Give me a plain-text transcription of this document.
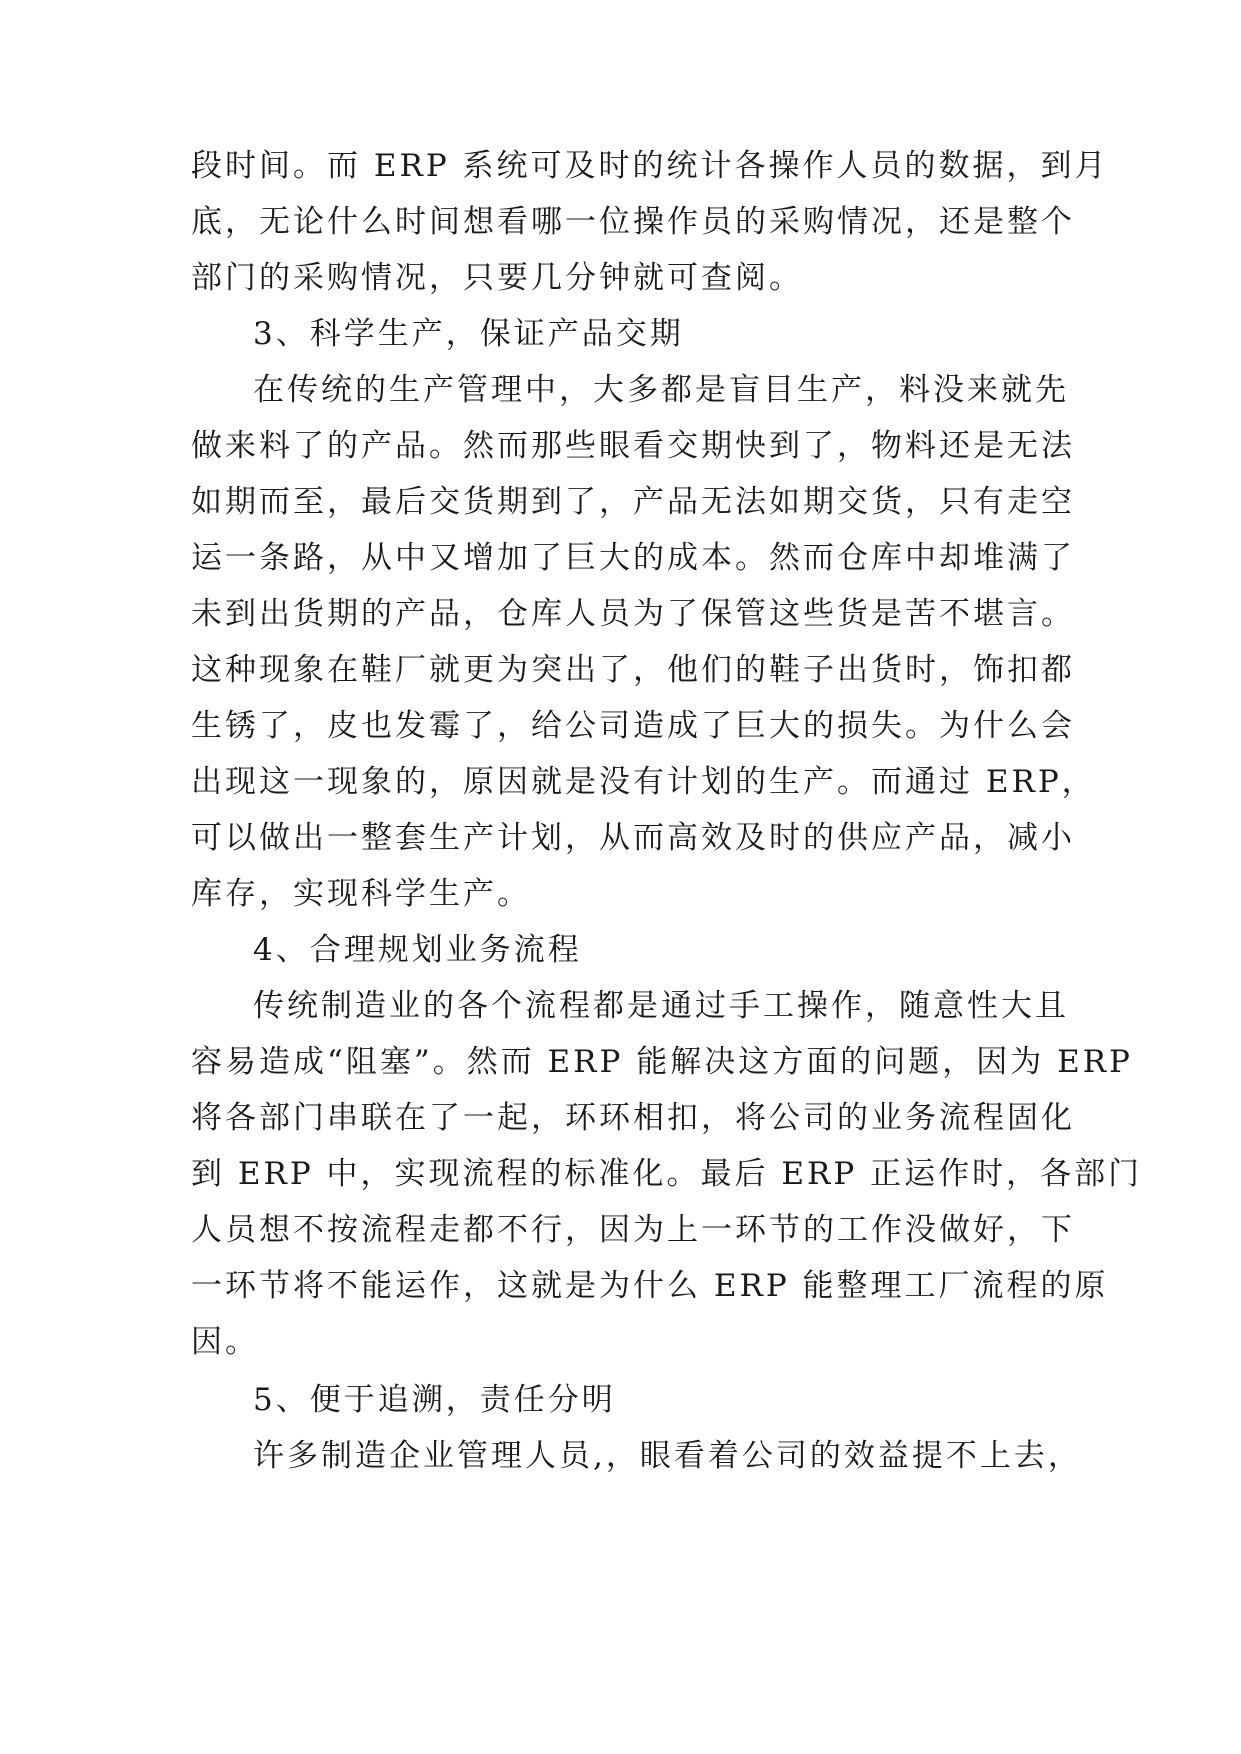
段时间。而 ERP 系统可及时的统计各操作人员的数据，到月
底，无论什么时间想看哪一位操作员的采购情况，还是整个
部门的采购情况，只要几分钟就可查阅。
3、科学生产，保证产品交期
在传统的生产管理中，大多都是盲目生产，料没来就先
做来料了的产品。然而那些眼看交期快到了，物料还是无法
如期而至，最后交货期到了，产品无法如期交货，只有走空
运一条路，从中又增加了巨大的成本。然而仓库中却堆满了
未到出货期的产品，仓库人员为了保管这些货是苦不堪言。
这种现象在鞋厂就更为突出了，他们的鞋子出货时，饰扣都
生锈了，皮也发霉了，给公司造成了巨大的损失。为什么会
出现这一现象的，原因就是没有计划的生产。而通过 ERP，
可以做出一整套生产计划，从而高效及时的供应产品，减小
库存，实现科学生产。
4、合理规划业务流程
传统制造业的各个流程都是通过手工操作，随意性大且
容易造成“阻塞”。然而 ERP 能解决这方面的问题，因为 ERP
将各部门串联在了一起，环环相扣，将公司的业务流程固化
到 ERP 中，实现流程的标准化。最后 ERP 正运作时，各部门
人员想不按流程走都不行，因为上一环节的工作没做好，下
一环节将不能运作，这就是为什么 ERP 能整理工厂流程的原
因。
5、便于追溯，责任分明
许多制造企业管理人员,，眼看着公司的效益提不上去，
